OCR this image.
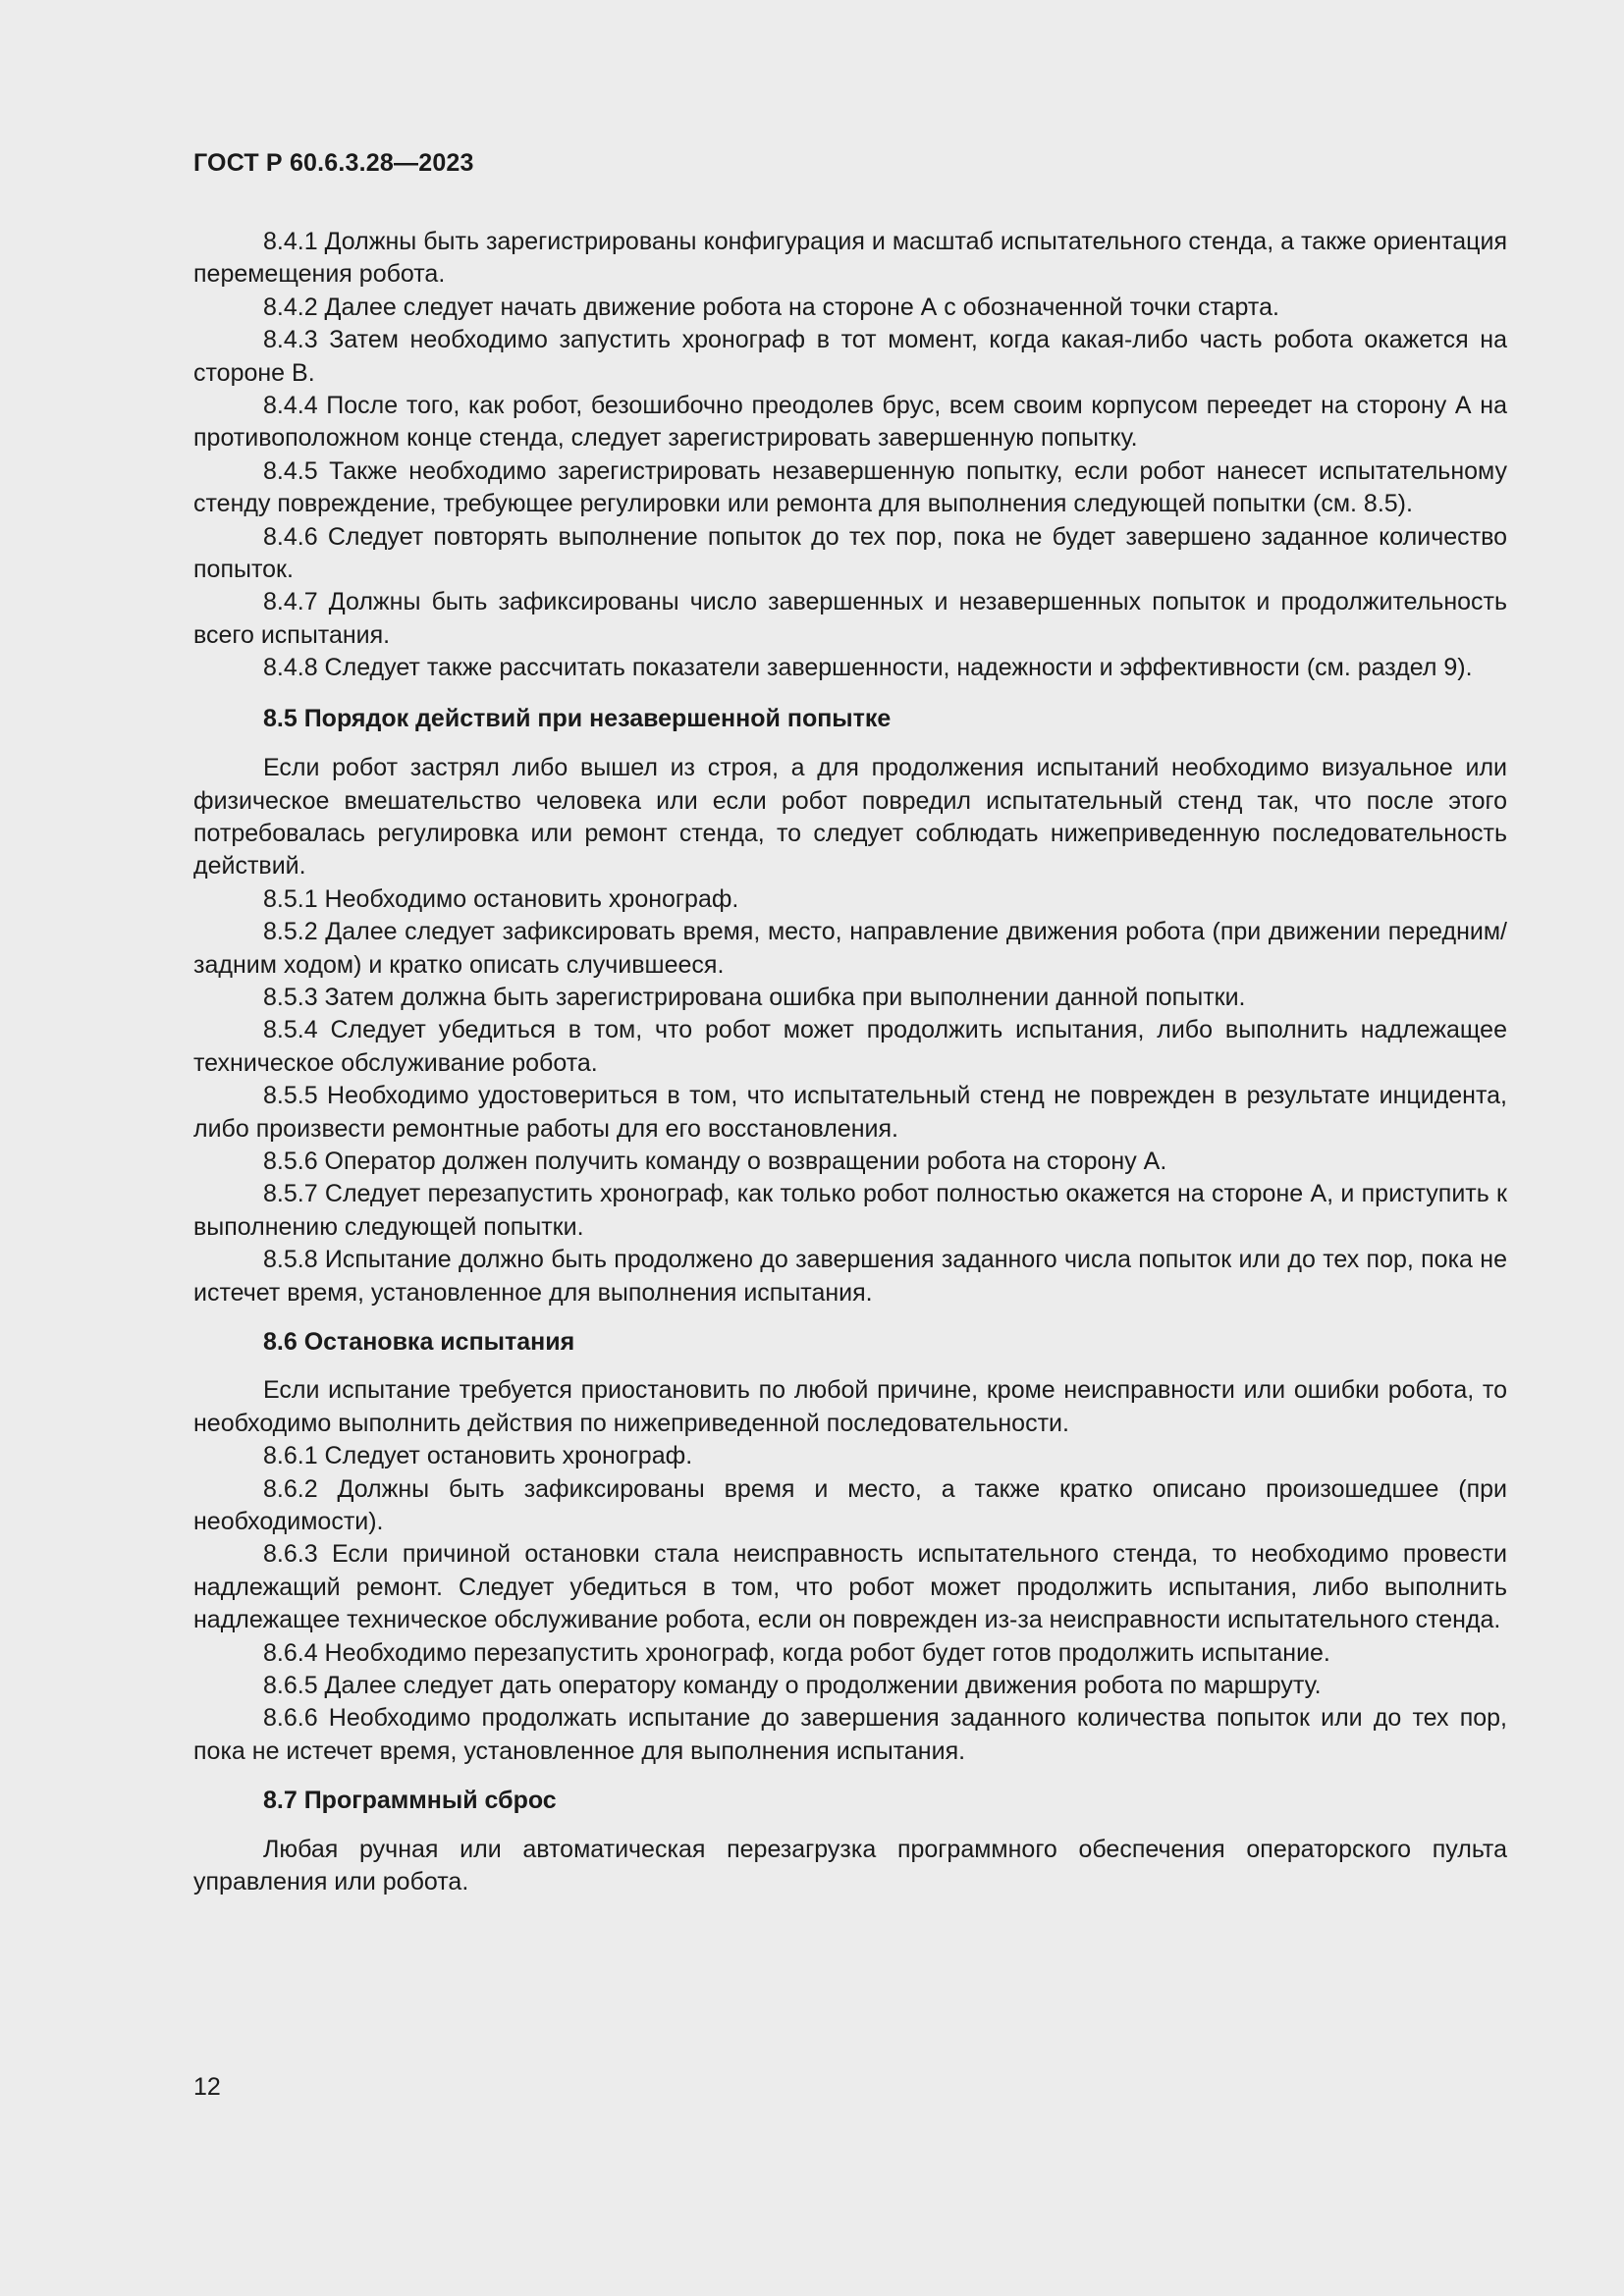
ГОСТ Р 60.6.3.28—2023

8.4.1 Должны быть зарегистрированы конфигурация и масштаб испытательного стенда, а также ориентация перемещения робота.

8.4.2 Далее следует начать движение робота на стороне А с обозначенной точки старта.

8.4.3 Затем необходимо запустить хронограф в тот момент, когда какая-либо часть робота окажется на стороне В.

8.4.4 После того, как робот, безошибочно преодолев брус, всем своим корпусом переедет на сторону А на противоположном конце стенда, следует зарегистрировать завершенную попытку.

8.4.5 Также необходимо зарегистрировать незавершенную попытку, если робот нанесет испытательному стенду повреждение, требующее регулировки или ремонта для выполнения следующей попытки (см. 8.5).

8.4.6 Следует повторять выполнение попыток до тех пор, пока не будет завершено заданное количество попыток.

8.4.7 Должны быть зафиксированы число завершенных и незавершенных попыток и продолжительность всего испытания.

8.4.8 Следует также рассчитать показатели завершенности, надежности и эффективности (см. раздел 9).

8.5 Порядок действий при незавершенной попытке

Если робот застрял либо вышел из строя, а для продолжения испытаний необходимо визуальное или физическое вмешательство человека или если робот повредил испытательный стенд так, что после этого потребовалась регулировка или ремонт стенда, то следует соблюдать нижеприведенную последовательность действий.

8.5.1 Необходимо остановить хронограф.

8.5.2 Далее следует зафиксировать время, место, направление движения робота (при движении передним/задним ходом) и кратко описать случившееся.

8.5.3 Затем должна быть зарегистрирована ошибка при выполнении данной попытки.

8.5.4 Следует убедиться в том, что робот может продолжить испытания, либо выполнить надлежащее техническое обслуживание робота.

8.5.5 Необходимо удостовериться в том, что испытательный стенд не поврежден в результате инцидента, либо произвести ремонтные работы для его восстановления.

8.5.6 Оператор должен получить команду о возвращении робота на сторону А.

8.5.7 Следует перезапустить хронограф, как только робот полностью окажется на стороне А, и приступить к выполнению следующей попытки.

8.5.8 Испытание должно быть продолжено до завершения заданного числа попыток или до тех пор, пока не истечет время, установленное для выполнения испытания.

8.6 Остановка испытания

Если испытание требуется приостановить по любой причине, кроме неисправности или ошибки робота, то необходимо выполнить действия по нижеприведенной последовательности.

8.6.1 Следует остановить хронограф.

8.6.2 Должны быть зафиксированы время и место, а также кратко описано произошедшее (при необходимости).

8.6.3 Если причиной остановки стала неисправность испытательного стенда, то необходимо провести надлежащий ремонт. Следует убедиться в том, что робот может продолжить испытания, либо выполнить надлежащее техническое обслуживание робота, если он поврежден из-за неисправности испытательного стенда.

8.6.4 Необходимо перезапустить хронограф, когда робот будет готов продолжить испытание.

8.6.5 Далее следует дать оператору команду о продолжении движения робота по маршруту.

8.6.6 Необходимо продолжать испытание до завершения заданного количества попыток или до тех пор, пока не истечет время, установленное для выполнения испытания.

8.7 Программный сброс

Любая ручная или автоматическая перезагрузка программного обеспечения операторского пульта управления или робота.

12
